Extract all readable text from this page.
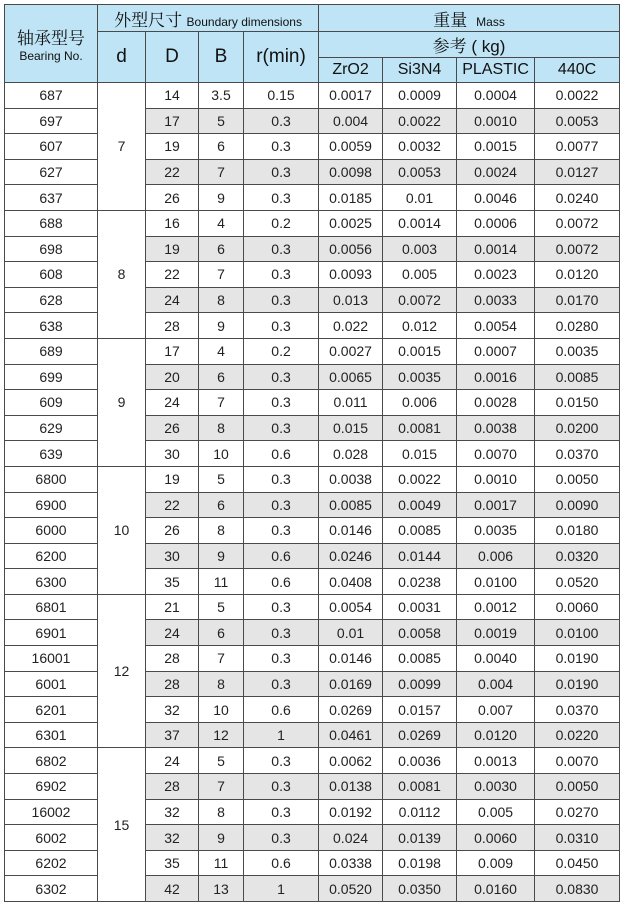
轴承型号
Bearing No.	外型尺寸 Boundary dimensions				重量 Mass			
	d	D	B	r(min)	参考 ( kg)			
					ZrO2	Si3N4	PLASTIC	440C
687	7	14	3.5	0.15	0.0017	0.0009	0.0004	0.0022
697		17	5	0.3	0.004	0.0022	0.0010	0.0053
607		19	6	0.3	0.0059	0.0032	0.0015	0.0077
627		22	7	0.3	0.0098	0.0053	0.0024	0.0127
637		26	9	0.3	0.0185	0.01	0.0046	0.0240
688	8	16	4	0.2	0.0025	0.0014	0.0006	0.0072
698		19	6	0.3	0.0056	0.003	0.0014	0.0072
608		22	7	0.3	0.0093	0.005	0.0023	0.0120
628		24	8	0.3	0.013	0.0072	0.0033	0.0170
638		28	9	0.3	0.022	0.012	0.0054	0.0280
689	9	17	4	0.2	0.0027	0.0015	0.0007	0.0035
699		20	6	0.3	0.0065	0.0035	0.0016	0.0085
609		24	7	0.3	0.011	0.006	0.0028	0.0150
629		26	8	0.3	0.015	0.0081	0.0038	0.0200
639		30	10	0.6	0.028	0.015	0.0070	0.0370
6800	10	19	5	0.3	0.0038	0.0022	0.0010	0.0050
6900		22	6	0.3	0.0085	0.0049	0.0017	0.0090
6000		26	8	0.3	0.0146	0.0085	0.0035	0.0180
6200		30	9	0.6	0.0246	0.0144	0.006	0.0320
6300		35	11	0.6	0.0408	0.0238	0.0100	0.0520
6801	12	21	5	0.3	0.0054	0.0031	0.0012	0.0060
6901		24	6	0.3	0.01	0.0058	0.0019	0.0100
16001		28	7	0.3	0.0146	0.0085	0.0040	0.0190
6001		28	8	0.3	0.0169	0.0099	0.004	0.0190
6201		32	10	0.6	0.0269	0.0157	0.007	0.0370
6301		37	12	1	0.0461	0.0269	0.0120	0.0220
6802	15	24	5	0.3	0.0062	0.0036	0.0013	0.0070
6902		28	7	0.3	0.0138	0.0081	0.0030	0.0050
16002		32	8	0.3	0.0192	0.0112	0.005	0.0270
6002		32	9	0.3	0.024	0.0139	0.0060	0.0310
6202		35	11	0.6	0.0338	0.0198	0.009	0.0450
6302		42	13	1	0.0520	0.0350	0.0160	0.0830
